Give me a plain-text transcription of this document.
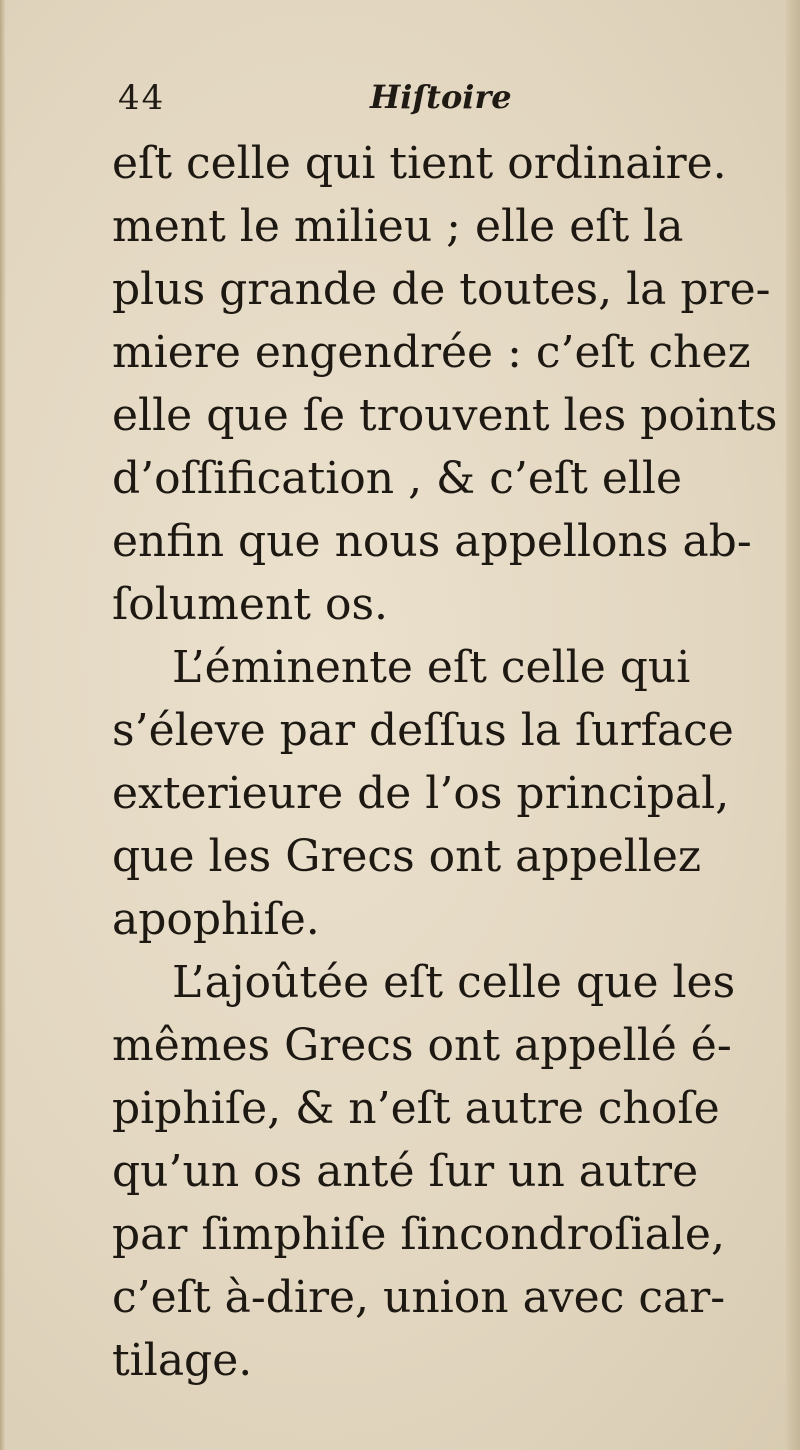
44	Hiſtoire
eſt celle qui tient ordinaire.
ment le milieu ; elle eſt la
plus grande de toutes, la pre-
miere engendrée : c’eſt chez
elle que ſe trouvent les points
d’oſſification , & c’eſt elle
enfin que nous appellons ab-
ſolument os.
L’éminente eſt celle qui
s’éleve par deſſus la ſurface
exterieure de l’os principal,
que les Grecs ont appellez
apophiſe.
L’ajoûtée eſt celle que les
mêmes Grecs ont appellé é-
piphiſe, & n’eſt autre choſe
qu’un os anté ſur un autre
par ſimphiſe ſincondroſiale,
c’eſt à-dire, union avec car-
tilage.
